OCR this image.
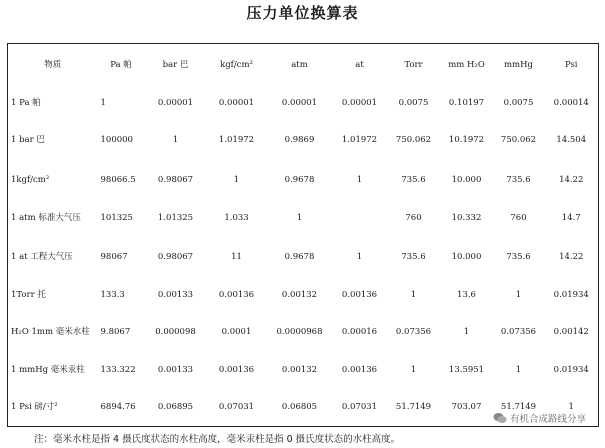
压力单位换算表
物质	Pa 帕	bar 巴	kgf/cm²	atm	at	Torr	mm H₂O	mmHg	Psi
1 Pa 帕	1	0.00001	0.00001	0.00001	0.00001	0.0075	0.10197	0.0075	0.00014
1 bar 巴	100000	1	1.01972	0.9869	1.01972	750.062	10.1972	750.062	14.504
1kgf/cm²	98066.5	0.98067	1	0.9678	1	735.6	10.000	735.6	14.22
1 atm 标准大气压	101325	1.01325	1.033	1		760	10.332	760	14.7
1 at 工程大气压	98067	0.98067	11	0.9678	1	735.6	10.000	735.6	14.22
1Torr 托	133.3	0.00133	0.00136	0.00132	0.00136	1	13.6	1	0.01934
H₂O 1mm 毫米水柱	9.8067	0.000098	0.0001	0.0000968	0.00016	0.07356	1	0.07356	0.00142
1 mmHg 毫米汞柱	133.322	0.00133	0.00136	0.00132	0.00136	1	13.5951	1	0.01934
1 Psi 磅/寸²	6894.76	0.06895	0.07031	0.06805	0.07031	51.7149	703.07	51.7149	1
有机合成路线分享
注：毫米水柱是指 4 摄氏度状态的水柱高度，毫米汞柱是指 0 摄氏度状态的水柱高度。
